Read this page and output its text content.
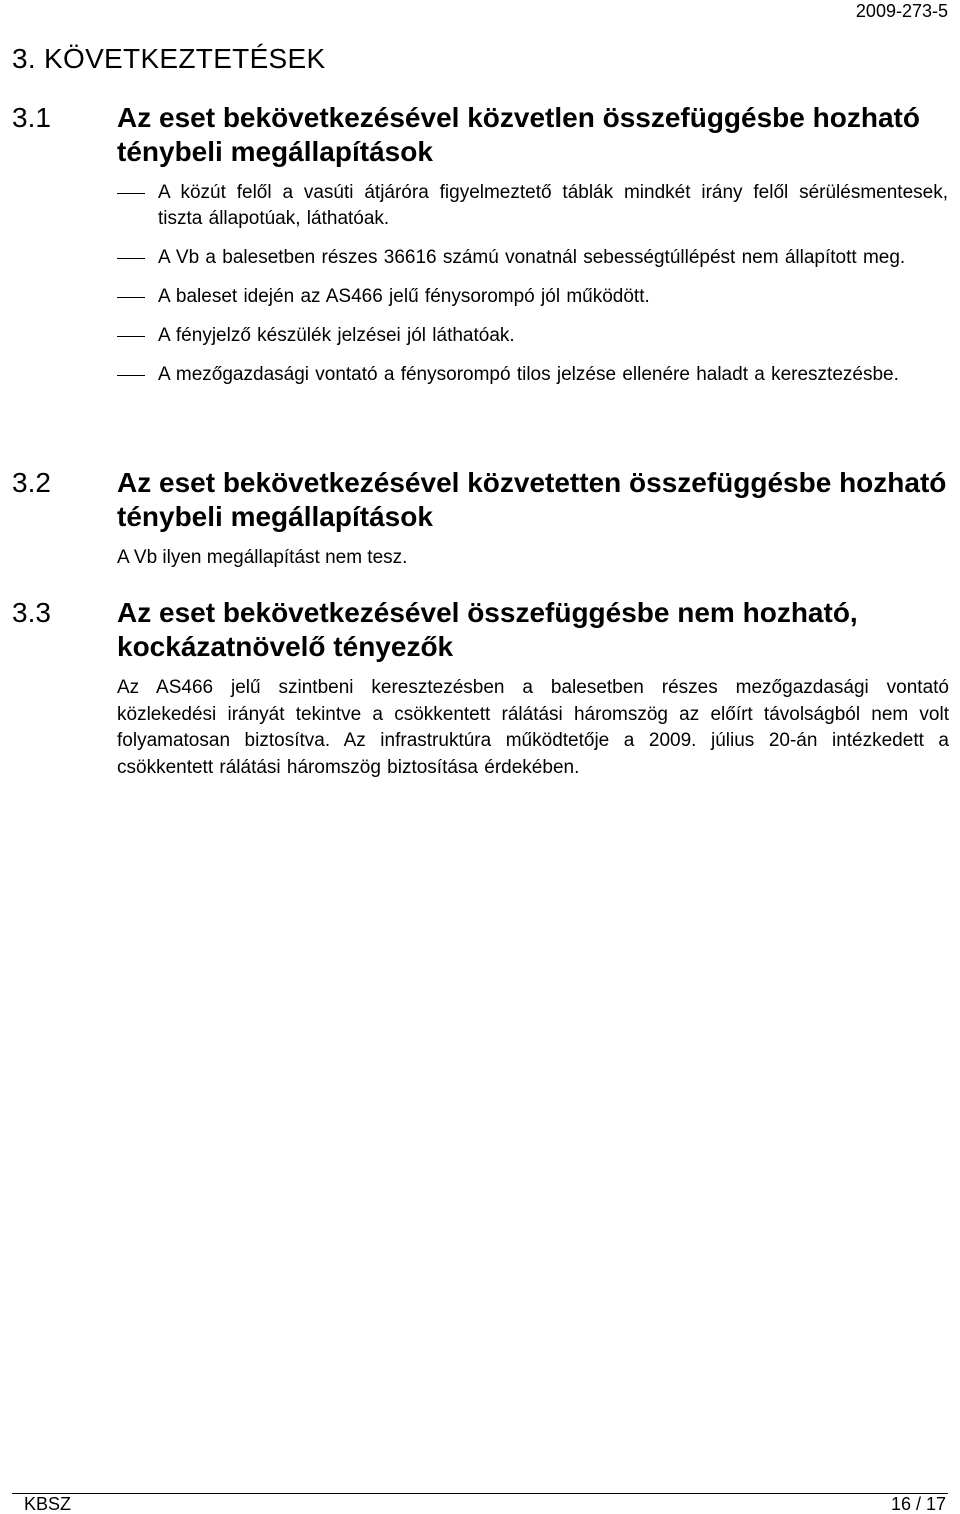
2009-273-5
3. KÖVETKEZTETÉSEK
3.1 Az eset bekövetkezésével közvetlen összefüggésbe hozható ténybeli megállapítások
A közút felől a vasúti átjáróra figyelmeztető táblák mindkét irány felől sérülésmentesek, tiszta állapotúak, láthatóak.
A Vb a balesetben részes 36616 számú vonatnál sebességtúllépést nem állapított meg.
A baleset idején az AS466 jelű fénysorompó jól működött.
A fényjelző készülék jelzései jól láthatóak.
A mezőgazdasági vontató a fénysorompó tilos jelzése ellenére haladt a keresztezésbe.
3.2 Az eset bekövetkezésével közvetetten összefüggésbe hozható ténybeli megállapítások

A Vb ilyen megállapítást nem tesz.

3.3 Az eset bekövetkezésével összefüggésbe nem hozható, kockázatnövelő tényezők

Az AS466 jelű szintbeni keresztezésben a balesetben részes mezőgazdasági vontató közlekedési irányát tekintve a csökkentett rálátási háromszög az előírt távolságból nem volt folyamatosan biztosítva. Az infrastruktúra működtetője a 2009. július 20-án intézkedett a csökkentett rálátási háromszög biztosítása érdekében.

KBSZ	16 / 17
